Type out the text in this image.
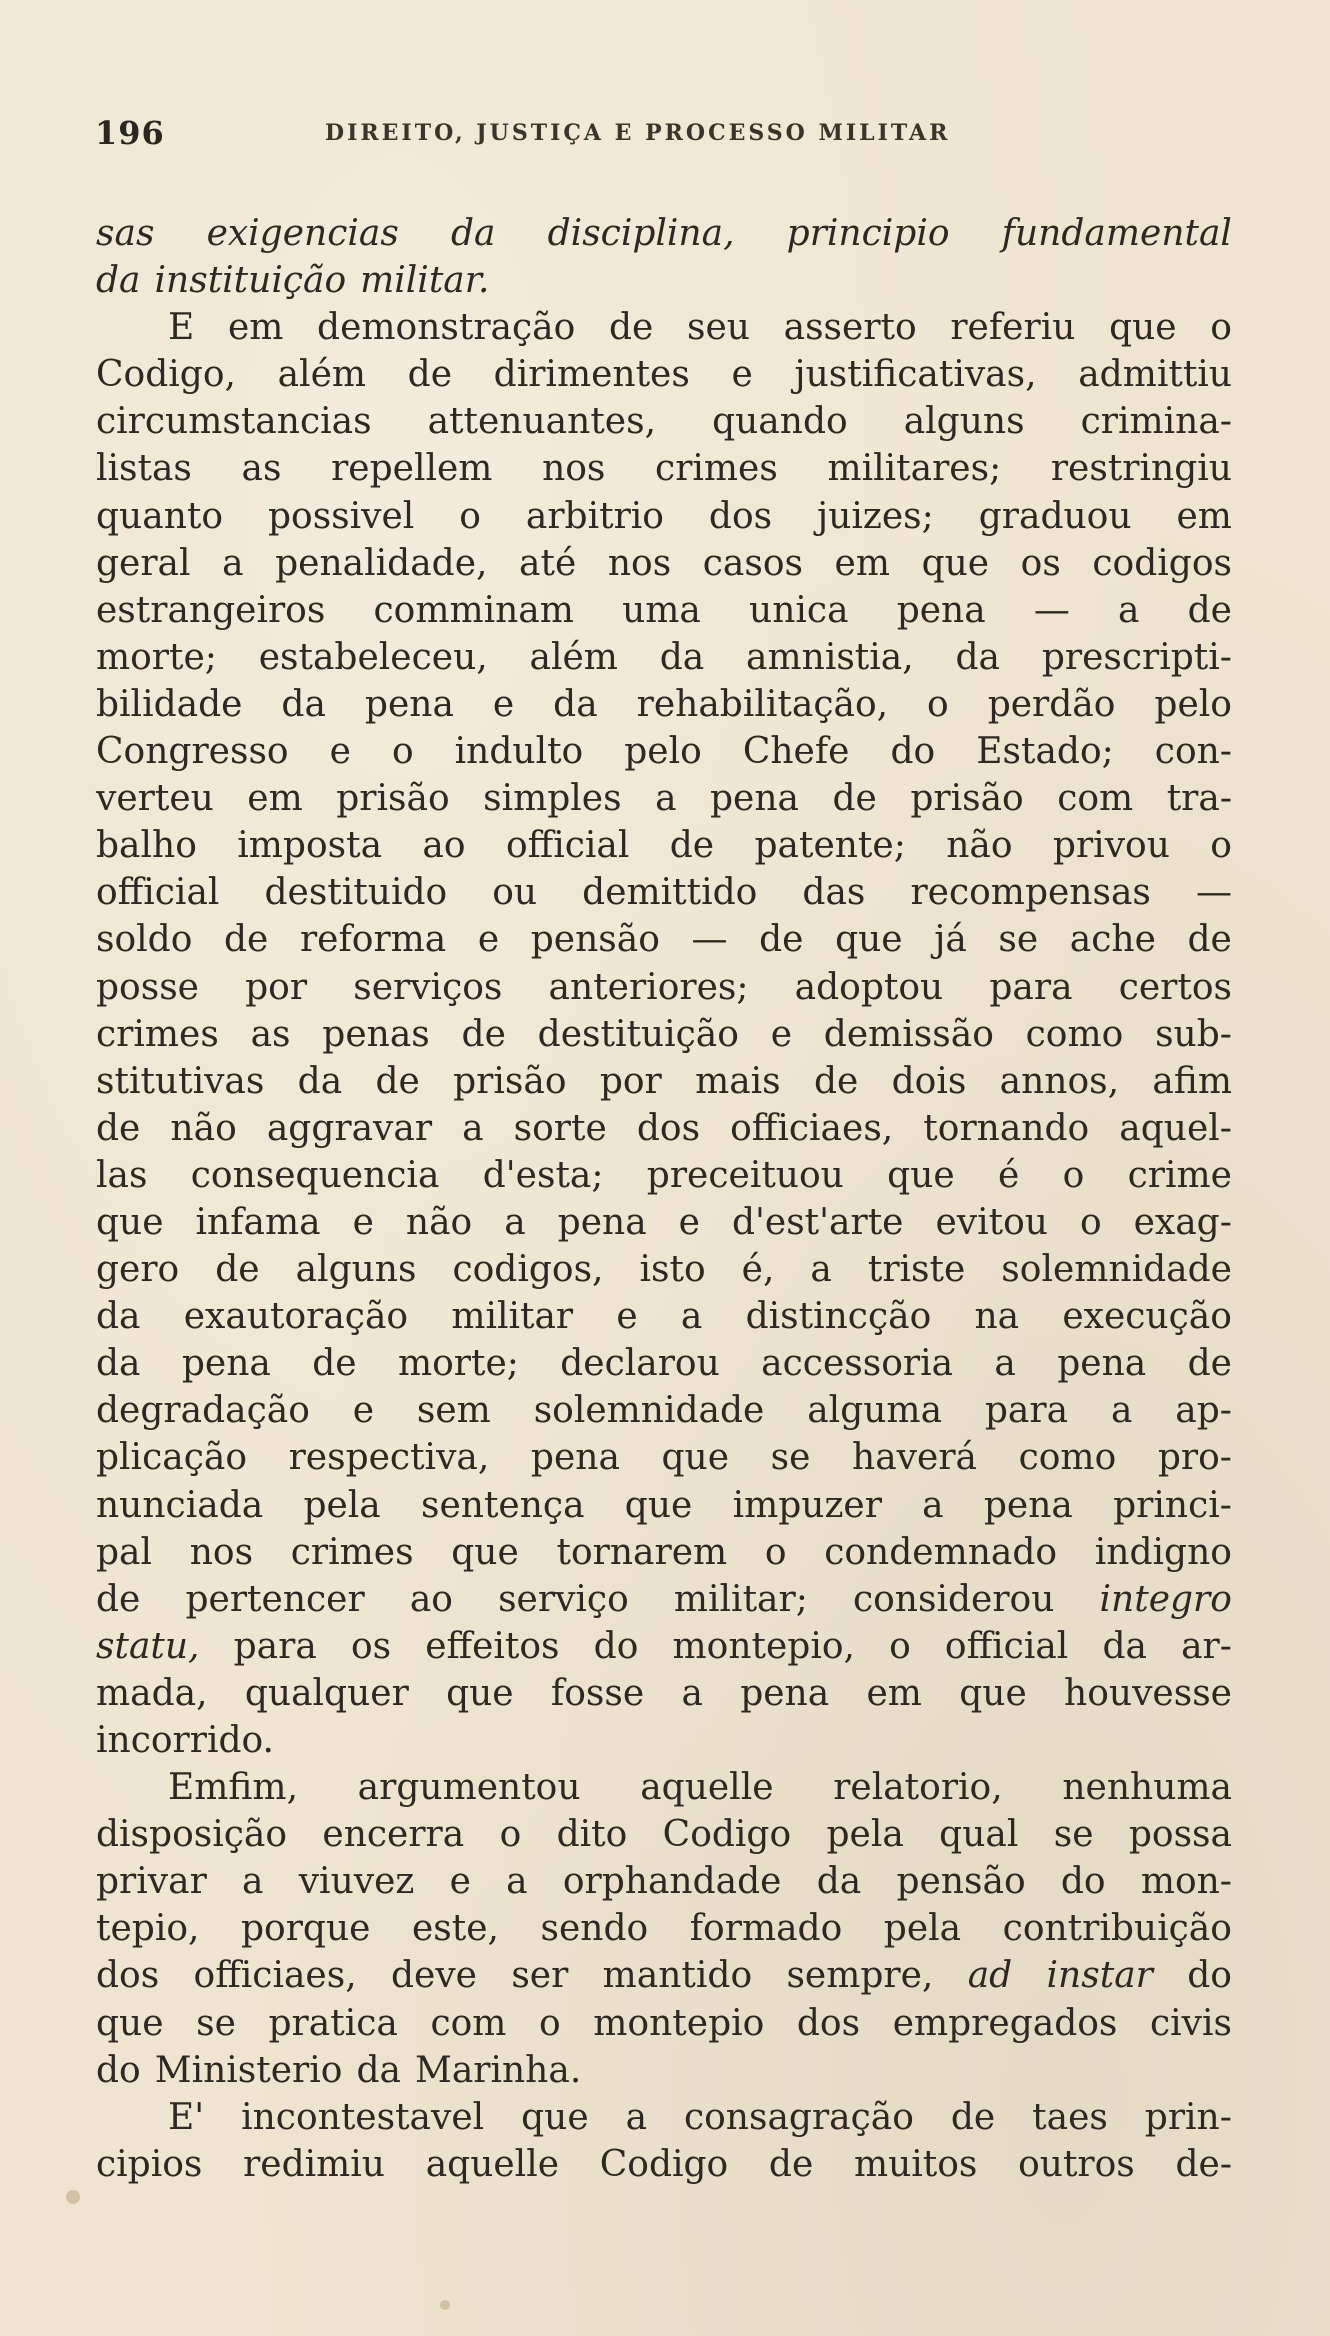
196	DIREITO, JUSTIÇA E PROCESSO MILITAR
sas exigencias da disciplina, principio fundamental
da instituição militar.
E em demonstração de seu asserto referiu que o
Codigo, além de dirimentes e justificativas, admittiu
circumstancias attenuantes, quando alguns crimina-
listas as repellem nos crimes militares; restringiu
quanto possivel o arbitrio dos juizes; graduou em
geral a penalidade, até nos casos em que os codigos
estrangeiros comminam uma unica pena — a de
morte; estabeleceu, além da amnistia, da prescripti-
bilidade da pena e da rehabilitação, o perdão pelo
Congresso e o indulto pelo Chefe do Estado; con-
verteu em prisão simples a pena de prisão com tra-
balho imposta ao official de patente; não privou o
official destituido ou demittido das recompensas —
soldo de reforma e pensão — de que já se ache de
posse por serviços anteriores; adoptou para certos
crimes as penas de destituição e demissão como sub-
stitutivas da de prisão por mais de dois annos, afim
de não aggravar a sorte dos officiaes, tornando aquel-
las consequencia d'esta; preceituou que é o crime
que infama e não a pena e d'est'arte evitou o exag-
gero de alguns codigos, isto é, a triste solemnidade
da exautoração militar e a distincção na execução
da pena de morte; declarou accessoria a pena de
degradação e sem solemnidade alguma para a ap-
plicação respectiva, pena que se haverá como pro-
nunciada pela sentença que impuzer a pena princi-
pal nos crimes que tornarem o condemnado indigno
de pertencer ao serviço militar; considerou integro
statu, para os effeitos do montepio, o official da ar-
mada, qualquer que fosse a pena em que houvesse
incorrido.
Emfim, argumentou aquelle relatorio, nenhuma
disposição encerra o dito Codigo pela qual se possa
privar a viuvez e a orphandade da pensão do mon-
tepio, porque este, sendo formado pela contribuição
dos officiaes, deve ser mantido sempre, ad instar do
que se pratica com o montepio dos empregados civis
do Ministerio da Marinha.
E' incontestavel que a consagração de taes prin-
cipios redimiu aquelle Codigo de muitos outros de-
